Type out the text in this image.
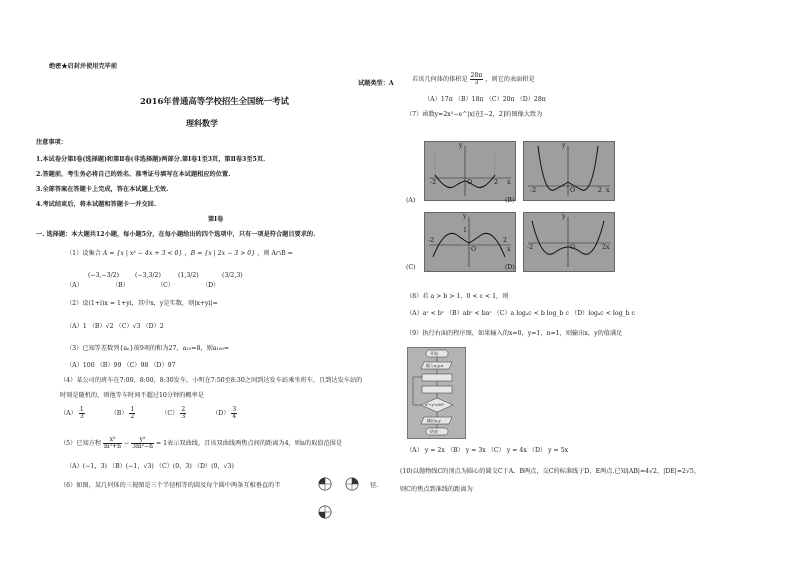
绝密★启封并使用完毕前
2016年普通高等学校招生全国统一考试
理科数学
注意事项：
1.本试卷分第Ⅰ卷(选择题)和第Ⅱ卷(非选择题)两部分.第Ⅰ卷1至3页，第Ⅱ卷3至5页.
2.答题前，考生务必将自己的姓名、准考证号填写在本试题相应的位置.
3.全部答案在答题卡上完成，答在本试题上无效.
4.考试结束后，将本试题和答题卡一并交回.
第Ⅰ卷
一. 选择题：本大题共12小题，每小题5分，在每小题给出的四个选项中，只有一项是符合题目要求的.
（1）设集合 A = {x | x² − 4x + 3 < 0} ，B = {x | 2x − 3 > 0} ，则 A∩B =
(−3,−3/2)	(−3,3/2)	(1,3/2)	(3/2,3)
（A）	（B）	（C）	（D）
（2）设(1+i)x = 1+yi，其中x，y是实数，则|x+yi|=
（A）1 （B）√2 （C）√3 （D）2
（3）已知等差数列{aₙ}前9项的和为27，a₁₀=8，则a₁₀₀=
（A）100 （B）99 （C）98 （D）97
（4）某公司的班车在7:00，8:00，8:30发车，小明在7:50至8:30之间到达发车站乘坐班车，且到达发车站的
时刻是随机的，则他等车时间不超过10分钟的概率是
$(A) \frac{1}{3}$	$(B) \frac{1}{2}$	$(C) \frac{2}{3}$	$(D) \frac{3}{4}$
（5）已知方程 $\frac{\text{x²}}{\text{m²+n}} - \frac{\text{y²}}{\text{3m²−n}} = 1$表示双曲线，且该双曲线两焦点间的距离为4，则n的取值范围是
（A）(−1，3) （B）(−1，√3) （C）(0，3) （D）(0，√3)
（6）如图，某几何体的三视图是三个半径相等的圆及每个圆中两条互相垂直的半	径.
若该几何体的体积是 $\frac{28\pi}{3}$ ，则它的表面积是
试题类型：A
（A）17π （B）18π （C）20π （D）28π
（7）函数y=2x²−e^|x|在[−2，2]的图像大致为
y
x
O
-2	2
(A)
y
x
O
-2	2
(B)
y
x
O
-2	2
1
(C)
y
x
O
-2	2
(D)
（8）若 a > b > 1，0 < c < 1，则
（A）aᶜ < bᶜ （B）abᶜ < baᶜ （C）a logₐc < b log_b c （D）logₐc < log_b c
（9）执行右面的程序图，如果输入的x=0，y=1，n=1，则输出x，y的值满足
开始
输入x,y,n
x²+y²≥36?
输出x,y
结束
（A） y = 2x （B） y = 3x （C） y = 4x （D） y = 5x
(10)以抛物线C的顶点为圆心的圆交C于A、B两点，交C的标准线于D、E两点.已知|AB|=4√2，|DE|=2√5，
则C的焦点到准线的距离为
